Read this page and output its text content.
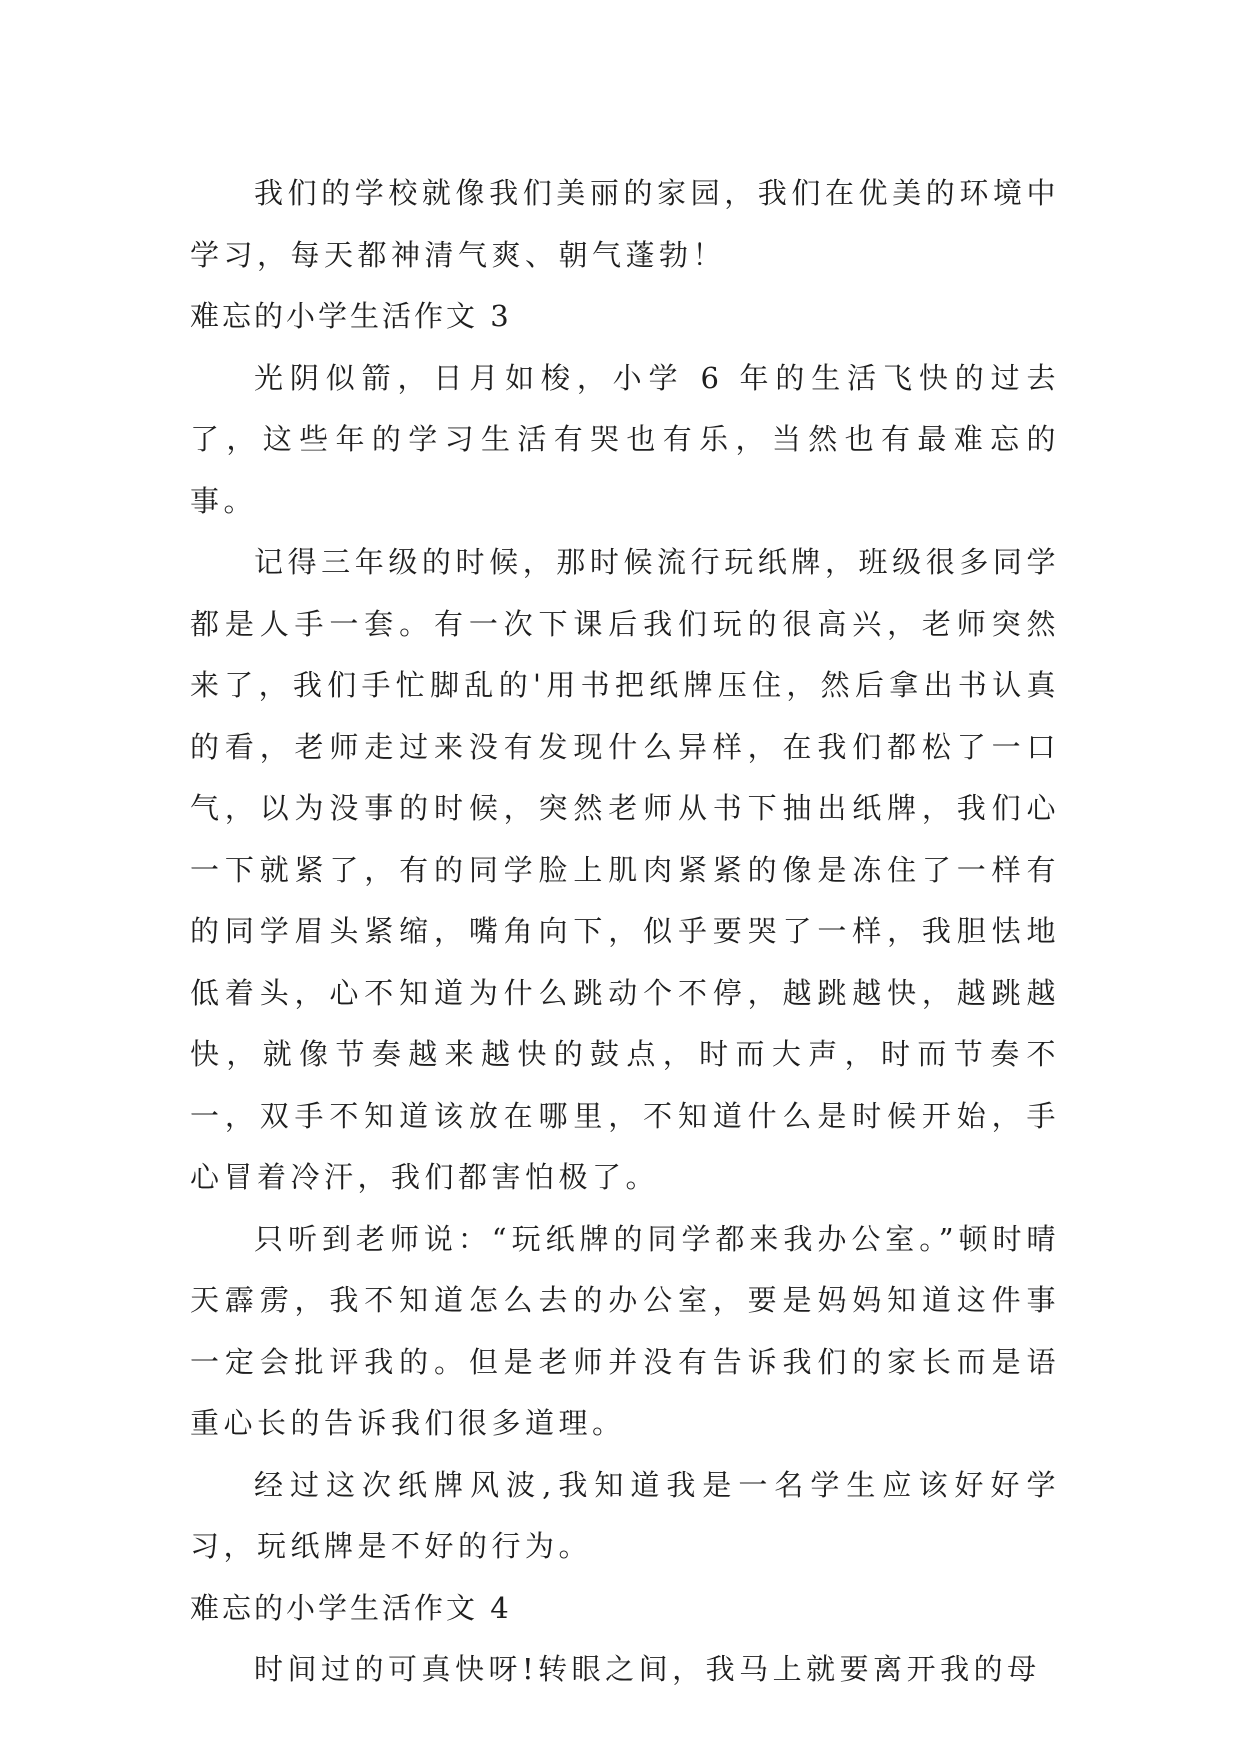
我们的学校就像我们美丽的家园，我们在优美的环境中学习，每天都神清气爽、朝气蓬勃！

难忘的小学生活作文 3

光阴似箭，日月如梭，小学 6 年的生活飞快的过去了，这些年的学习生活有哭也有乐，当然也有最难忘的事。

记得三年级的时候，那时候流行玩纸牌，班级很多同学都是人手一套。有一次下课后我们玩的很高兴，老师突然来了，我们手忙脚乱的'用书把纸牌压住，然后拿出书认真的看，老师走过来没有发现什么异样，在我们都松了一口气，以为没事的时候，突然老师从书下抽出纸牌，我们心一下就紧了，有的同学脸上肌肉紧紧的像是冻住了一样有的同学眉头紧缩，嘴角向下，似乎要哭了一样，我胆怯地低着头，心不知道为什么跳动个不停，越跳越快，越跳越快，就像节奏越来越快的鼓点，时而大声，时而节奏不一，双手不知道该放在哪里，不知道什么是时候开始，手心冒着冷汗，我们都害怕极了。

只听到老师说：“玩纸牌的同学都来我办公室。”顿时晴天霹雳，我不知道怎么去的办公室，要是妈妈知道这件事一定会批评我的。但是老师并没有告诉我们的家长而是语重心长的告诉我们很多道理。

经过这次纸牌风波,我知道我是一名学生应该好好学习，玩纸牌是不好的行为。

难忘的小学生活作文 4

时间过的可真快呀!转眼之间，我马上就要离开我的母
